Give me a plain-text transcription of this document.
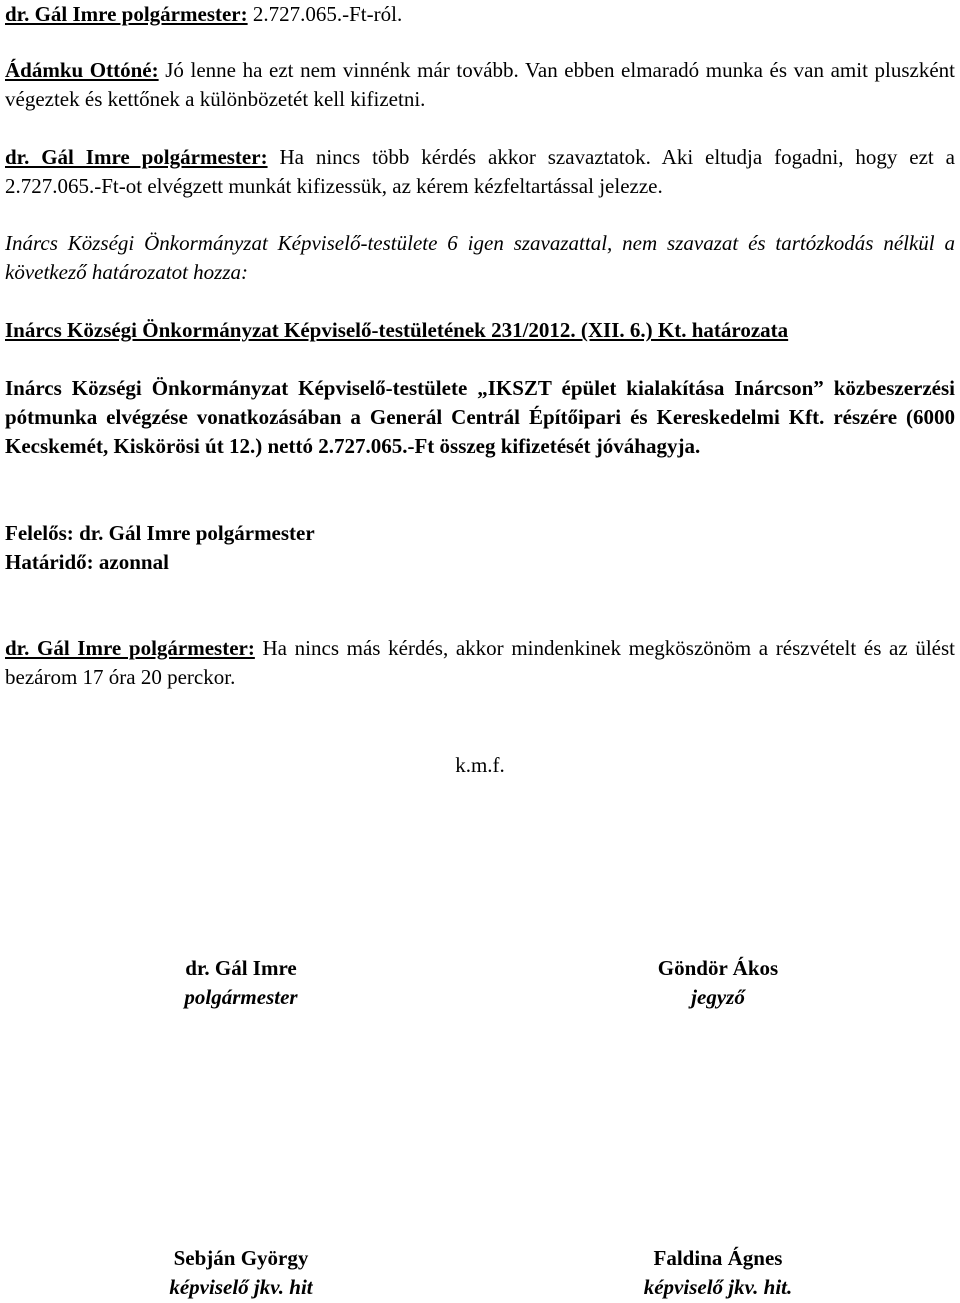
dr. Gál Imre polgármester: 2.727.065.-Ft-ról.

Ádámku Ottóné: Jó lenne ha ezt nem vinnénk már tovább. Van ebben elmaradó munka és van amit pluszként végeztek és kettőnek a különbözetét kell kifizetni.

dr. Gál Imre polgármester: Ha nincs több kérdés akkor szavaztatok. Aki eltudja fogadni, hogy ezt a 2.727.065.-Ft-ot elvégzett munkát kifizessük, az kérem kézfeltartással jelezze.

Inárcs Községi Önkormányzat Képviselő-testülete 6 igen szavazattal, nem szavazat és tartózkodás nélkül a következő határozatot hozza:

Inárcs Községi Önkormányzat Képviselő-testületének 231/2012. (XII. 6.) Kt. határozata

Inárcs Községi Önkormányzat Képviselő-testülete „IKSZT épület kialakítása Inárcson” közbeszerzési pótmunka elvégzése vonatkozásában a Generál Centrál Építőipari és Kereskedelmi Kft. részére (6000 Kecskemét, Kiskörösi út 12.) nettó 2.727.065.-Ft összeg kifizetését jóváhagyja.

Felelős: dr. Gál Imre polgármester

Határidő: azonnal

dr. Gál Imre polgármester: Ha nincs más kérdés, akkor mindenkinek megköszönöm a részvételt és az ülést bezárom 17 óra 20 perckor.

k.m.f.

dr. Gál Imre
polgármester
Göndör Ákos
jegyző
Sebján György
képviselő jkv. hit
Faldina Ágnes
képviselő jkv. hit.
